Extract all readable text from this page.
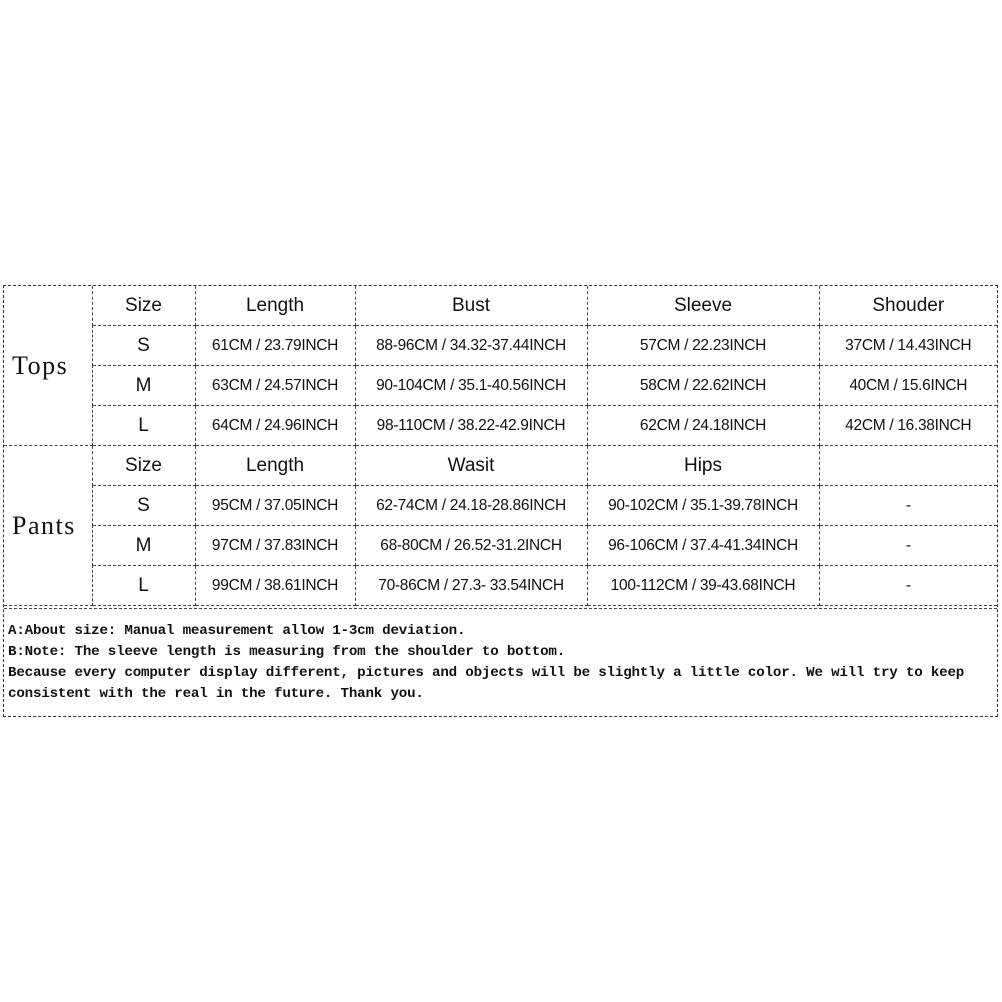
Tops	Size	Length	Bust	Sleeve	Shouder
	S	61CM / 23.79INCH	88-96CM / 34.32-37.44INCH	57CM / 22.23INCH	37CM / 14.43INCH
	M	63CM / 24.57INCH	90-104CM / 35.1-40.56INCH	58CM / 22.62INCH	40CM / 15.6INCH
	L	64CM / 24.96INCH	98-110CM / 38.22-42.9INCH	62CM / 24.18INCH	42CM / 16.38INCH
Pants	Size	Length	Wasit	Hips	
	S	95CM / 37.05INCH	62-74CM / 24.18-28.86INCH	90-102CM / 35.1-39.78INCH	-
	M	97CM / 37.83INCH	68-80CM / 26.52-31.2INCH	96-106CM / 37.4-41.34INCH	-
	L	99CM / 38.61INCH	70-86CM / 27.3- 33.54INCH	100-112CM / 39-43.68INCH	-

A:About size: Manual measurement allow 1-3cm deviation.

B:Note: The sleeve length is measuring from the shoulder to bottom.

Because every computer display different, pictures and objects will be slightly a little color. We will try to keep consistent with the real in the future. Thank you.
